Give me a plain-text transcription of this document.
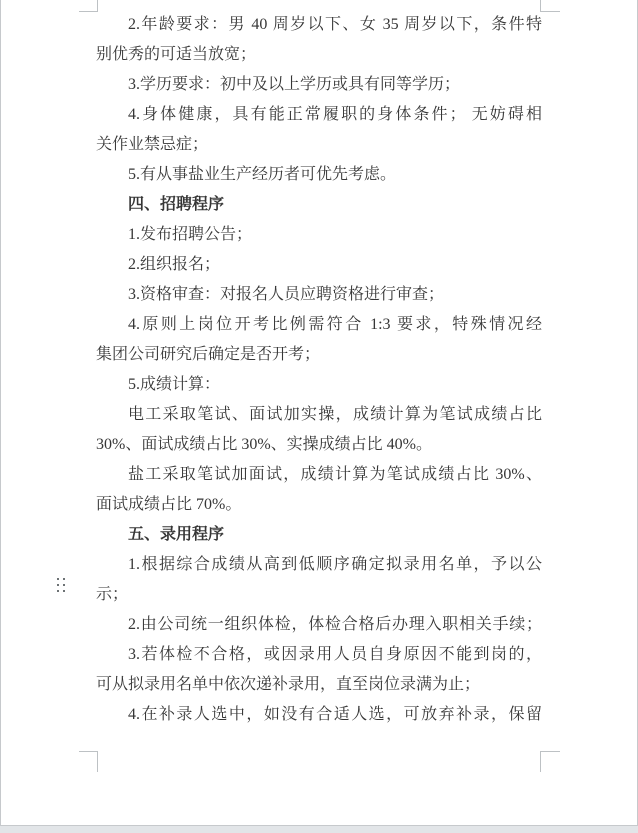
2.年龄要求：男 40 周岁以下、女 35 周岁以下，条件特
别优秀的可适当放宽；
3.学历要求：初中及以上学历或具有同等学历；
4.身体健康，具有能正常履职的身体条件； 无妨碍相
关作业禁忌症；
5.有从事盐业生产经历者可优先考虑。
四、招聘程序
1.发布招聘公告；
2.组织报名；
3.资格审查：对报名人员应聘资格进行审查；
4.原则上岗位开考比例需符合 1:3 要求，特殊情况经
集团公司研究后确定是否开考；
5.成绩计算：
电工采取笔试、面试加实操，成绩计算为笔试成绩占比
30%、面试成绩占比 30%、实操成绩占比 40%。
盐工采取笔试加面试，成绩计算为笔试成绩占比 30%、
面试成绩占比 70%。
五、录用程序
1.根据综合成绩从高到低顺序确定拟录用名单，予以公
示；
2.由公司统一组织体检，体检合格后办理入职相关手续；
3.若体检不合格，或因录用人员自身原因不能到岗的，
可从拟录用名单中依次递补录用，直至岗位录满为止；
4.在补录人选中，如没有合适人选，可放弃补录，保留
